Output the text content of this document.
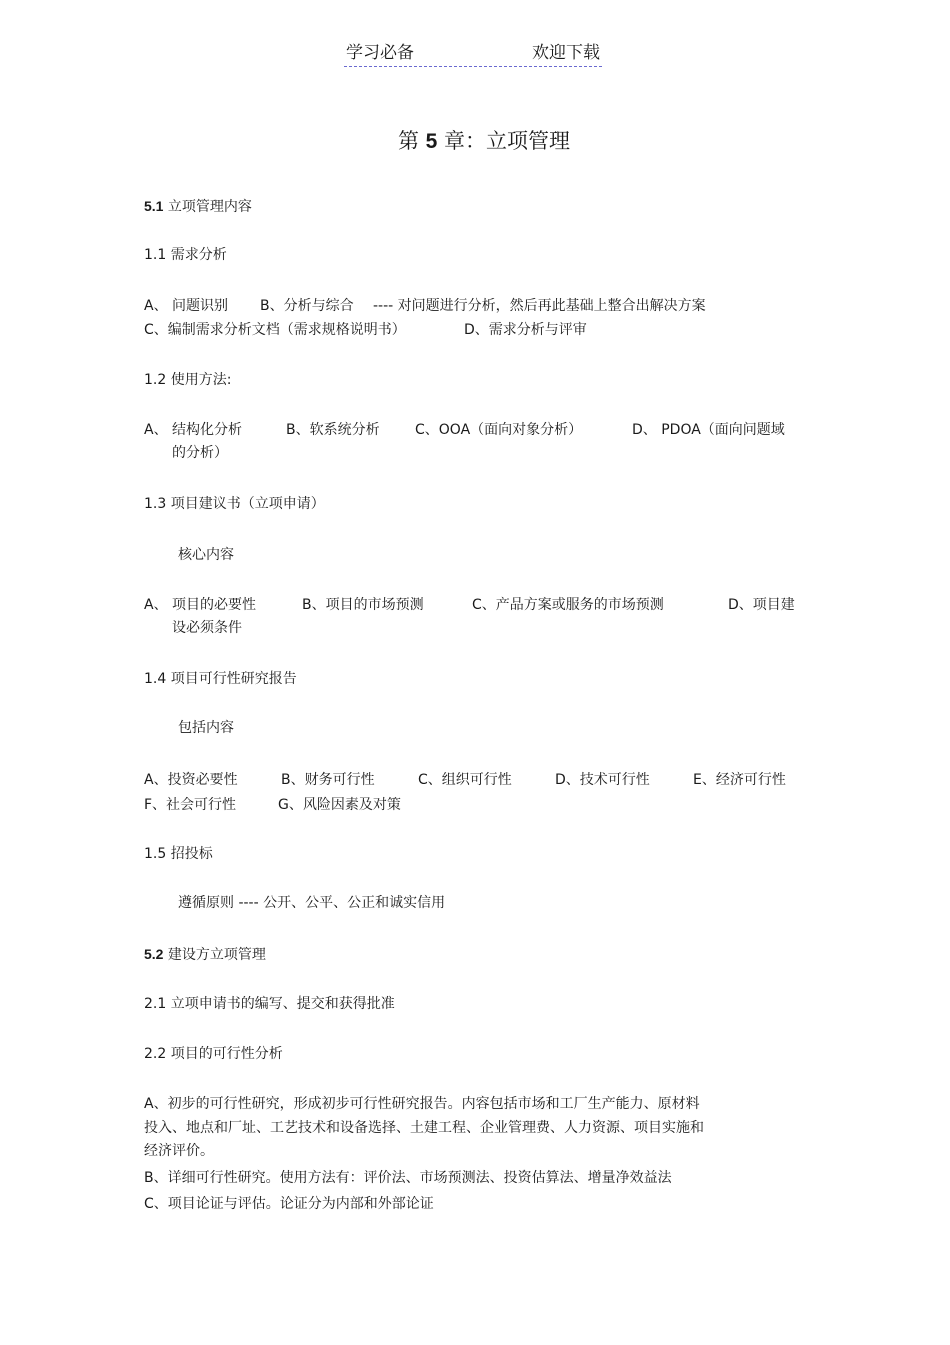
学习必备	欢迎下载
第 5 章：立项管理
5.1 立项管理内容
1.1 需求分析
A、 问题识别 B、分析与综合 ---- 对问题进行分析，然后再此基础上整合出解决方案
C、编制需求分析文档（需求规格说明书）	D、需求分析与评审
1.2 使用方法:
A、 结构化分析	B、软系统分析	C、OOA（面向对象分析）	D、 PDOA（面向问题域
的分析）
1.3 项目建议书（立项申请）
核心内容
A、 项目的必要性	B、项目的市场预测	C、产品方案或服务的市场预测	D、项目建
设必须条件
1.4 项目可行性研究报告
包括内容
A、投资必要性	B、财务可行性	C、组织可行性	D、技术可行性	E、经济可行性
F、社会可行性	G、风险因素及对策
1.5 招投标
遵循原则 ---- 公开、公平、公正和诚实信用
5.2 建设方立项管理
2.1 立项申请书的编写、提交和获得批准
2.2 项目的可行性分析
A、初步的可行性研究，形成初步可行性研究报告。内容包括市场和工厂生产能力、原材料
投入、地点和厂址、工艺技术和设备选择、土建工程、企业管理费、人力资源、项目实施和
经济评价。
B、详细可行性研究。使用方法有：评价法、市场预测法、投资估算法、增量净效益法
C、项目论证与评估。论证分为内部和外部论证
